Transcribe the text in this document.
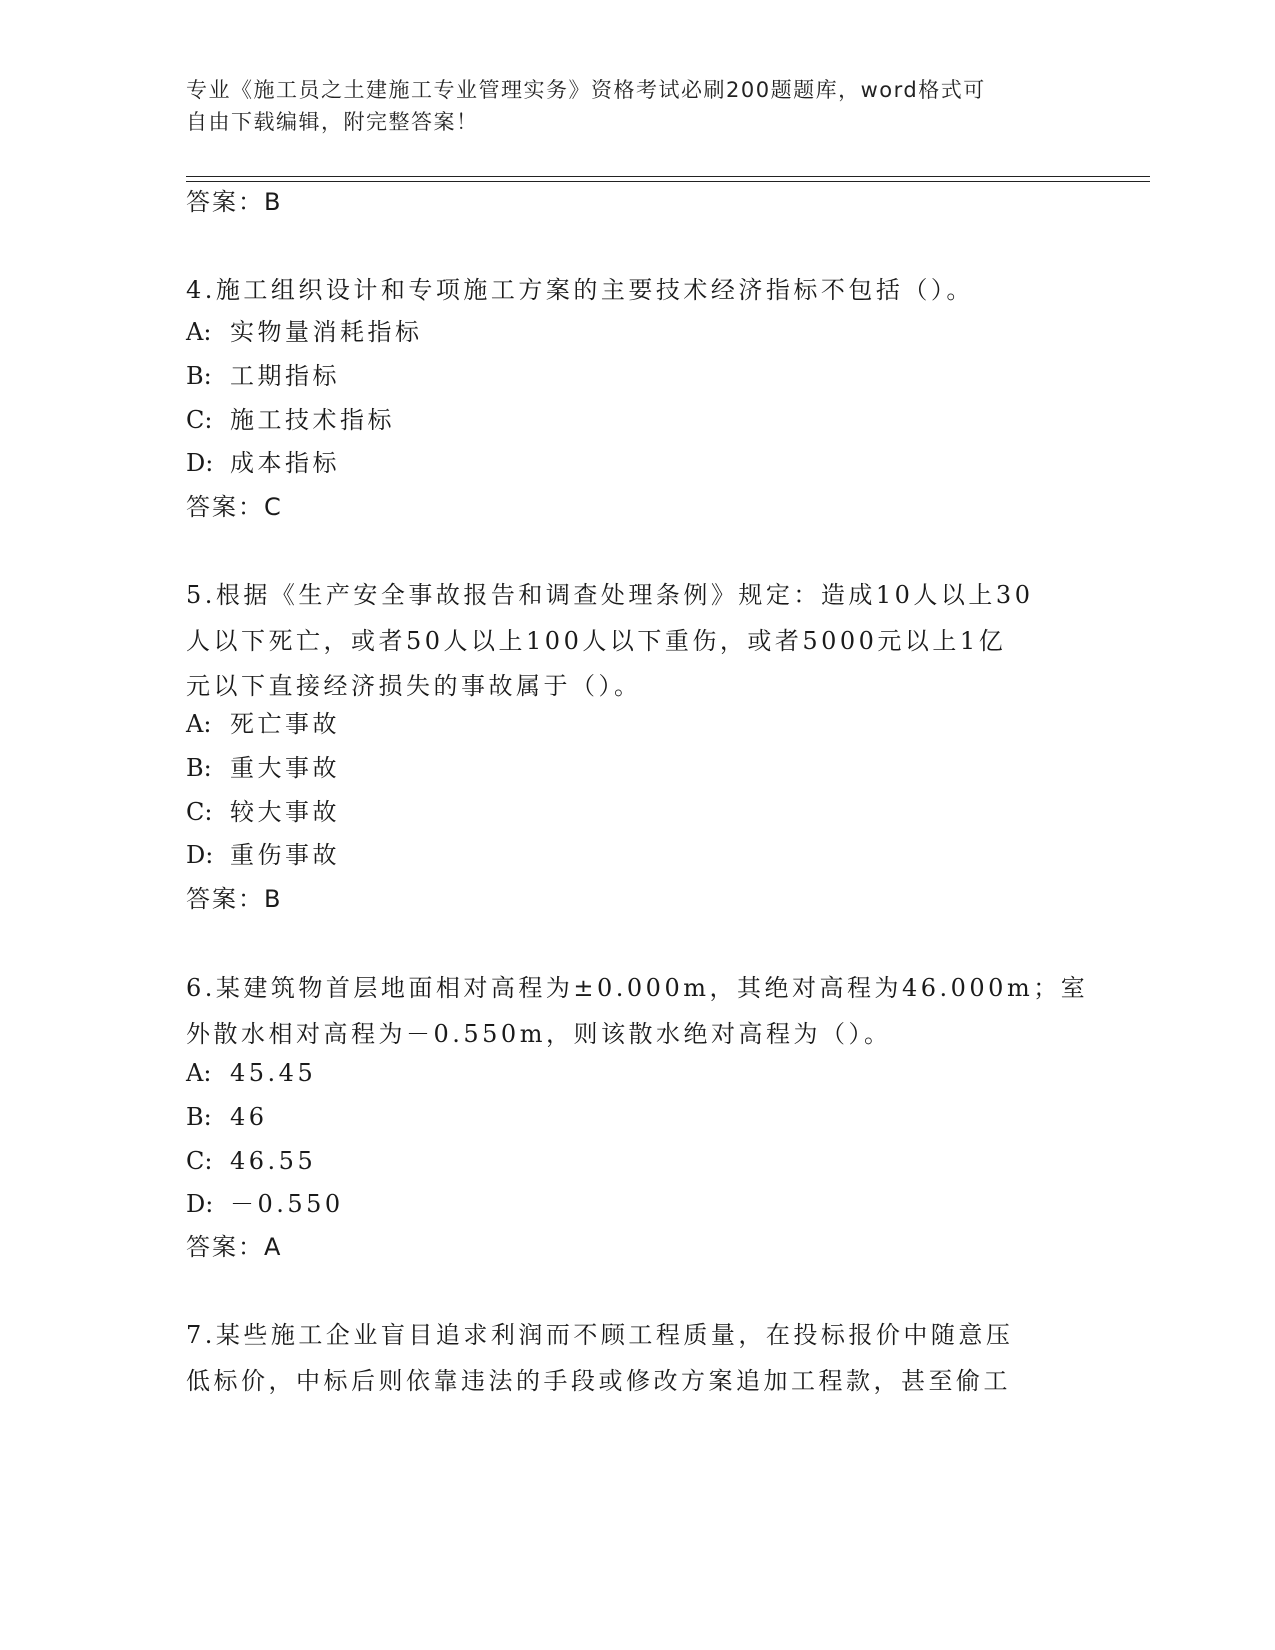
专业《施工员之土建施工专业管理实务》资格考试必刷200题题库，word格式可
自由下载编辑，附完整答案！
答案：B
4.施工组织设计和专项施工方案的主要技术经济指标不包括（）。
A: 实物量消耗指标
B: 工期指标
C: 施工技术指标
D: 成本指标
答案：C
5.根据《生产安全事故报告和调查处理条例》规定：造成10人以上30
人以下死亡，或者50人以上100人以下重伤，或者5000元以上1亿
元以下直接经济损失的事故属于（）。
A: 死亡事故
B: 重大事故
C: 较大事故
D: 重伤事故
答案：B
6.某建筑物首层地面相对高程为±0.000m，其绝对高程为46.000m；室
外散水相对高程为－0.550m，则该散水绝对高程为（）。
A: 45.45
B: 46
C: 46.55
D: －0.550
答案：A
7.某些施工企业盲目追求利润而不顾工程质量，在投标报价中随意压
低标价，中标后则依靠违法的手段或修改方案追加工程款，甚至偷工
